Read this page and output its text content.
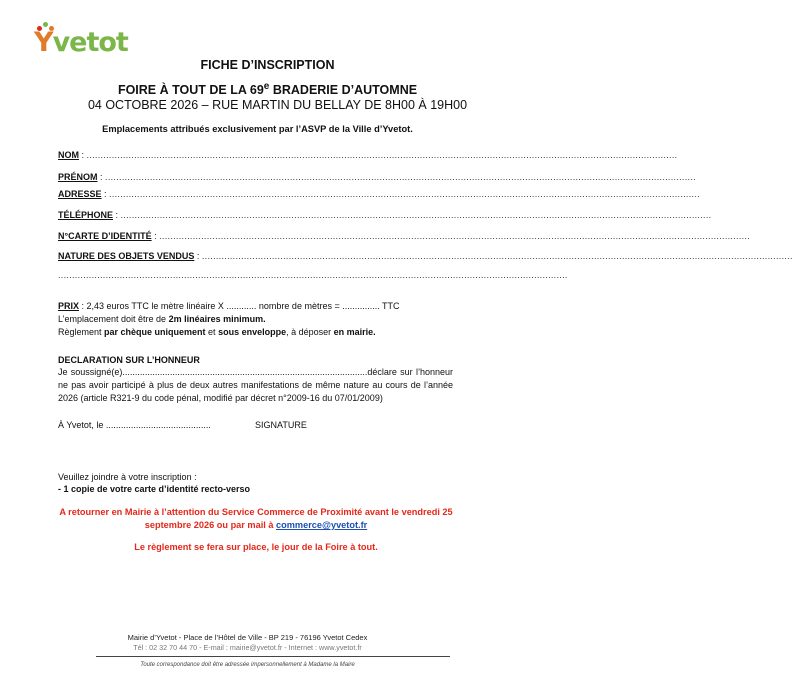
Yvetot
FICHE D’INSCRIPTION
FOIRE À TOUT DE LA 69e BRADERIE D’AUTOMNE
04 OCTOBRE 2026 – RUE MARTIN DU BELLAY DE 8H00 À 19H00
Emplacements attribués exclusivement par l’ASVP de la Ville d’Yvetot.
NOM : ...................................................................................................................................................................................................................
PRÉNOM : ...................................................................................................................................................................................................................
ADRESSE : ...................................................................................................................................................................................................................
TÉLÉPHONE : ...................................................................................................................................................................................................................
N°CARTE D’IDENTITÉ : ...................................................................................................................................................................................................................
NATURE DES OBJETS VENDUS : ...................................................................................................................................................................................................................
......................................................................................................................................................................................
PRIX : 2,43 euros TTC le mètre linéaire X ............ nombre de mètres = ............... TTC
L’emplacement doit être de 2m linéaires minimum.
Règlement par chèque uniquement et sous enveloppe, à déposer en mairie.
DECLARATION SUR L’HONNEUR
Je soussigné(e)..................................................................................................déclare sur l’honneur ne pas avoir participé à plus de deux autres manifestations de même nature au cours de l’année 2026 (article R321-9 du code pénal, modifié par décret n°2009-16 du 07/01/2009)
À Yvetot, le ..........................................	SIGNATURE
Veuillez joindre à votre inscription :
- 1 copie de votre carte d’identité recto-verso
A retourner en Mairie à l’attention du Service Commerce de Proximité avant le vendredi 25
septembre 2026 ou par mail à commerce@yvetot.fr
Le règlement se fera sur place, le jour de la Foire à tout.
Mairie d’Yvetot - Place de l’Hôtel de Ville - BP 219 - 76196 Yvetot Cedex
Tél : 02 32 70 44 70 - E-mail : mairie@yvetot.fr - Internet : www.yvetot.fr
Toute correspondance doit être adressée impersonnellement à Madame la Maire
